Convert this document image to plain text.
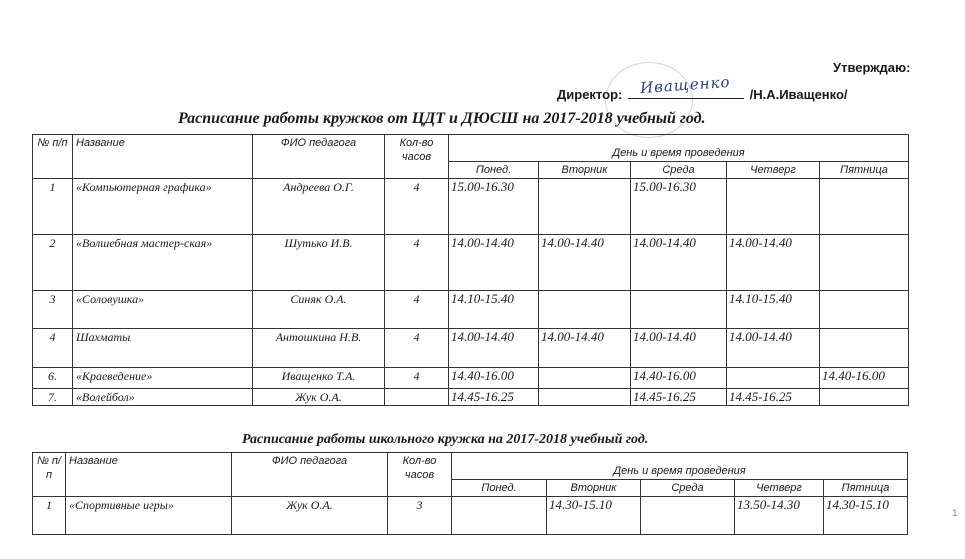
Утверждаю:
Директор:	/Н.А.Иващенко/
Иващенко
Расписание работы кружков от ЦДТ и ДЮСШ на 2017-2018 учебный год.
№ п/п	Название	ФИО педагога	Кол-во часов	День и время проведения				
				Понед.	Вторник	Среда	Четверг	Пятница
1	«Компьютерная графика»	Андреева О.Г.	4	15.00-16.30		15.00-16.30		
2	«Волшебная мастер-ская»	Шутько И.В.	4	14.00-14.40	14.00-14.40	14.00-14.40	14.00-14.40	
3	«Соловушка»	Синяк О.А.	4	14.10-15.40			14.10-15.40	
4	Шахматы	Антошкина Н.В.	4	14.00-14.40	14.00-14.40	14.00-14.40	14.00-14.40	
6.	«Краеведение»	Иващенко Т.А.	4	14.40-16.00		14.40-16.00		14.40-16.00
7.	«Волейбол»	Жук О.А.		14.45-16.25		14.45-16.25	14.45-16.25	
Расписание работы школьного кружка на 2017-2018 учебный год.
№ п/п	Название	ФИО педагога	Кол-во часов	День и время проведения				
				Понед.	Вторник	Среда	Четверг	Пятница
1	«Спортивные игры»	Жук О.А.	3		14.30-15.10		13.50-14.30	14.30-15.10
1
